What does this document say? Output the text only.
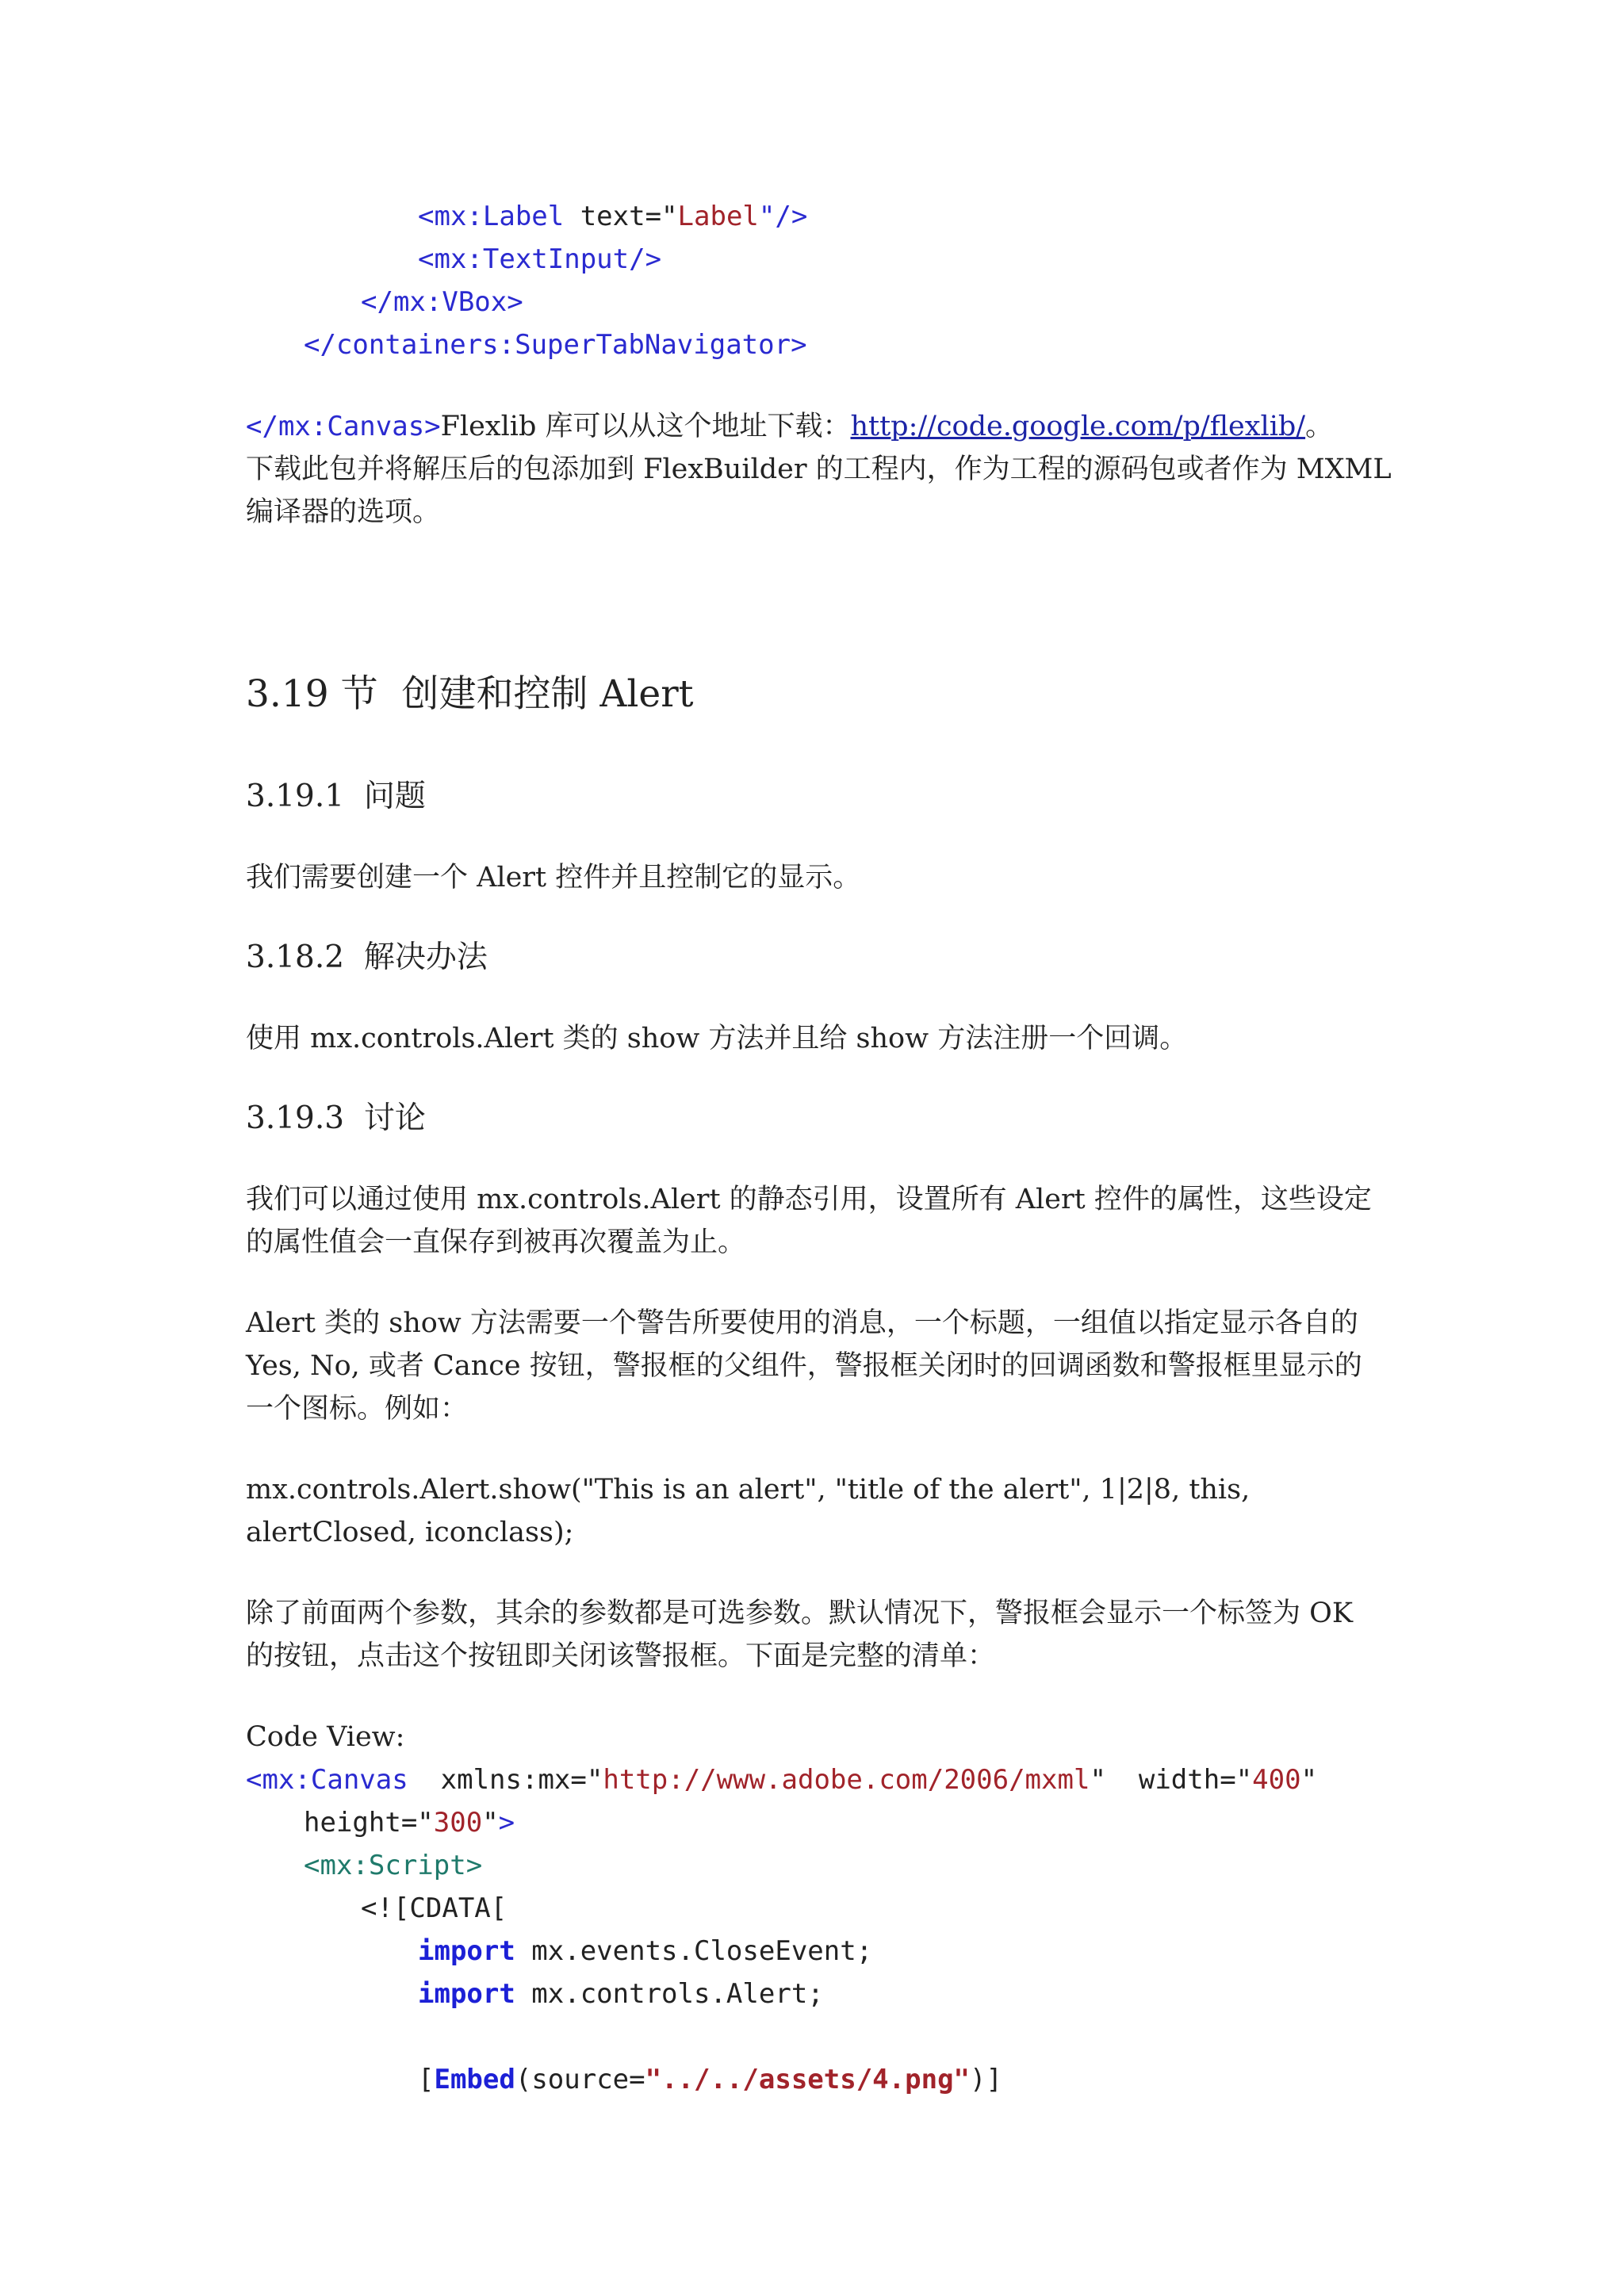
<mx:Label text="Label"/>
<mx:TextInput/>
</mx:VBox>
</containers:SuperTabNavigator>
</mx:Canvas>Flexlib 库可以从这个地址下载：http://code.google.com/p/flexlib/。
下载此包并将解压后的包添加到 FlexBuilder 的工程内，作为工程的源码包或者作为 MXML
编译器的选项。
3.19 节  创建和控制 Alert
3.19.1  问题
我们需要创建一个 Alert 控件并且控制它的显示。
3.18.2  解决办法
使用 mx.controls.Alert 类的 show 方法并且给 show 方法注册一个回调。
3.19.3  讨论
我们可以通过使用 mx.controls.Alert 的静态引用，设置所有 Alert 控件的属性，这些设定
的属性值会一直保存到被再次覆盖为止。
Alert 类的 show 方法需要一个警告所要使用的消息，一个标题，一组值以指定显示各自的
Yes, No, 或者 Cance 按钮，警报框的父组件，警报框关闭时的回调函数和警报框里显示的
一个图标。例如：
mx.controls.Alert.show("This is an alert", "title of the alert", 1|2|8, this,
alertClosed, iconclass);
除了前面两个参数，其余的参数都是可选参数。默认情况下，警报框会显示一个标签为 OK
的按钮，点击这个按钮即关闭该警报框。下面是完整的清单：
Code View:
<mx:Canvas  xmlns:mx="http://www.adobe.com/2006/mxml"  width="400"
height="300">
<mx:Script>
<![CDATA[
import mx.events.CloseEvent;
import mx.controls.Alert;
[Embed(source="../../assets/4.png")]
